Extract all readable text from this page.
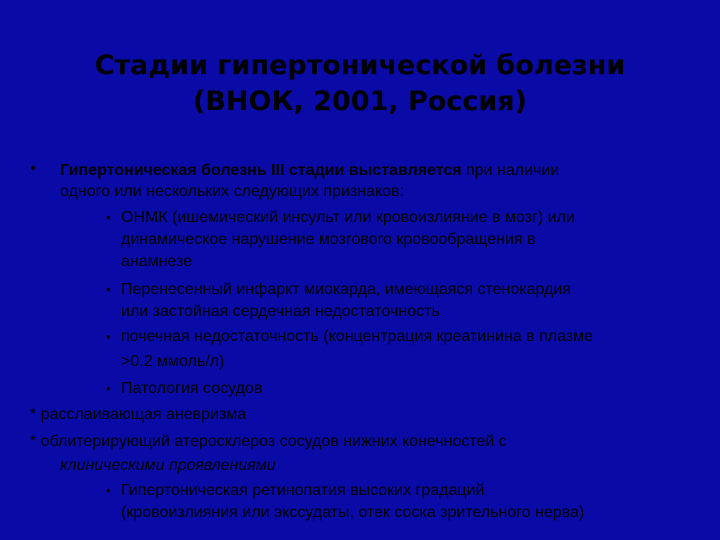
Стадии гипертонической болезни
(ВНОК, 2001, Россия)
• Гипертоническая болезнь III стадии выставляется при наличии
одного или нескольких следующих признаков:
• ОНМК (ишемический инсульт или кровоизлияние в мозг) или
динамическое нарушение мозгового кровообращения в
анамнезе
• Перенесенный инфаркт миокарда, имеющаяся стенокардия
или застойная сердечная недостаточность
• почечная недостаточность (концентрация креатинина в плазме
>0,2 ммоль/л)
• Патология сосудов
* расслаивающая аневризма
* облитерирующий атеросклероз сосудов нижних конечностей с
клиническими проявлениями
• Гипертоническая ретинопатия высоких градаций
(кровоизлияния или экссудаты, отек соска зрительного нерва)
